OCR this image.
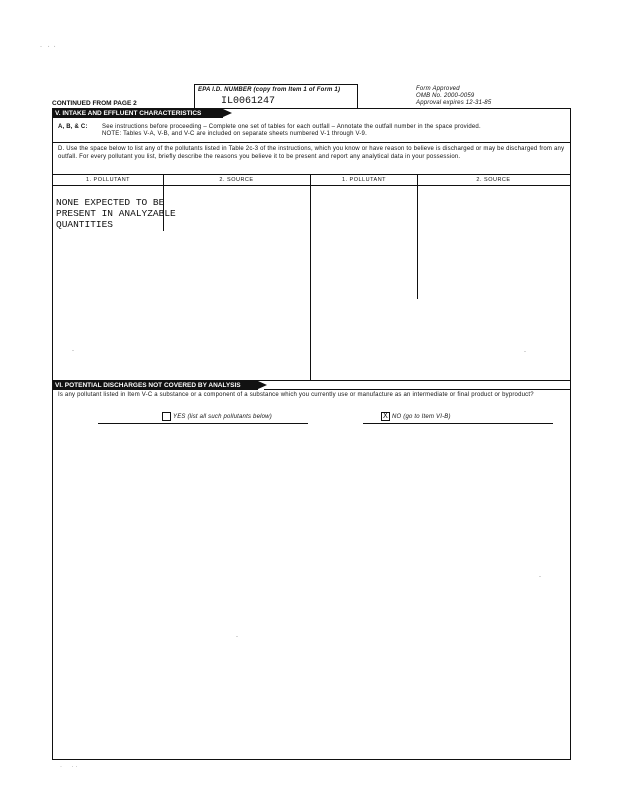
·   ·  ·
EPA I.D. NUMBER (copy from Item 1 of Form 1)
IL0061247
Form Approved
OMB No. 2000-0059
Approval expires 12-31-85
CONTINUED FROM PAGE 2
V. INTAKE AND EFFLUENT CHARACTERISTICS
A, B, & C: See instructions before proceeding – Complete one set of tables for each outfall – Annotate the outfall number in the space provided.
NOTE: Tables V-A, V-B, and V-C are included on separate sheets numbered V-1 through V-9.
D. Use the space below to list any of the pollutants listed in Table 2c-3 of the instructions, which you know or have reason to believe is discharged or may be discharged from any outfall. For every pollutant you list, briefly describe the reasons you believe it to be present and report any analytical data in your possession.
1. POLLUTANT	2. SOURCE	1. POLLUTANT	2. SOURCE
NONE EXPECTED TO BE
PRESENT IN ANALYZABLE
QUANTITIES
·	·
VI. POTENTIAL DISCHARGES NOT COVERED BY ANALYSIS
Is any pollutant listed in Item V-C a substance or a component of a substance which you currently use or manufacture as an intermediate or final product or byproduct?
YES (list all such pollutants below)	X NO (go to Item VI-B)
·
·
·     · ·
